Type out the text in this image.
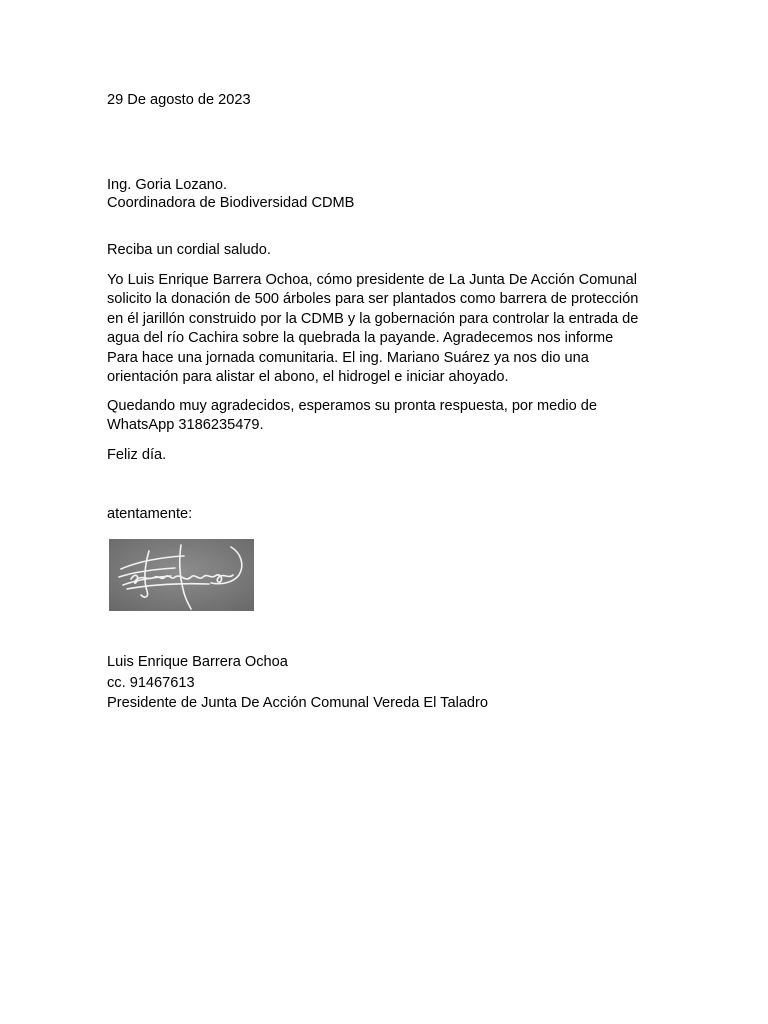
29 De agosto de 2023
Ing. Goria Lozano.
Coordinadora de Biodiversidad CDMB
Reciba un cordial saludo.
Yo Luis Enrique Barrera Ochoa, cómo presidente de La Junta De Acción Comunal
solicito la donación de 500 árboles para ser plantados como barrera de protección
en él jarillón construido por la CDMB y la gobernación para controlar la entrada de
agua del río Cachira sobre la quebrada la payande. Agradecemos nos informe
Para hace una jornada comunitaria. El ing. Mariano Suárez ya nos dio una
orientación para alistar el abono, el hidrogel e iniciar ahoyado.
Quedando muy agradecidos, esperamos su pronta respuesta, por medio de
WhatsApp 3186235479.
Feliz día.
atentamente:
Luis Enrique Barrera Ochoa
cc. 91467613
Presidente de Junta De Acción Comunal Vereda El Taladro
